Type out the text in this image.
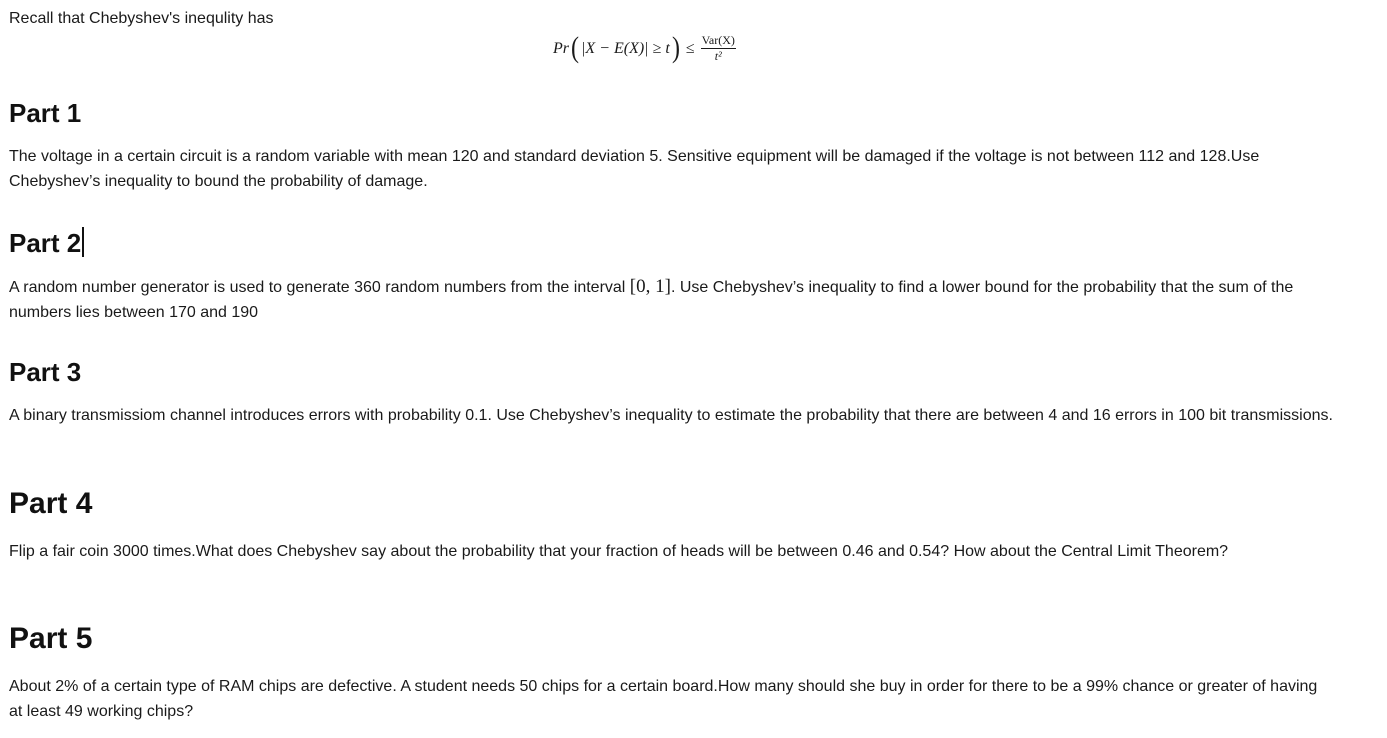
Recall that Chebyshev's inequlity has
Pr ( |X − E(X)| ≥ t ) ≤ $\frac{\text{Var(X)}}{\text{t²}}$
Part 1

The voltage in a certain circuit is a random variable with mean 120 and standard deviation 5. Sensitive equipment will be damaged if the voltage is not between 112 and 128.Use Chebyshev’s inequality to bound the probability of damage.

Part 2

A random number generator is used to generate 360 random numbers from the interval [0, 1]. Use Chebyshev’s inequality to find a lower bound for the probability that the sum of the numbers lies between 170 and 190

Part 3

A binary transmissiom channel introduces errors with probability 0.1. Use Chebyshev’s inequality to estimate the probability that there are between 4 and 16 errors in 100 bit transmissions.

Part 4

Flip a fair coin 3000 times.What does Chebyshev say about the probability that your fraction of heads will be between 0.46 and 0.54? How about the Central Limit Theorem?

Part 5

About 2% of a certain type of RAM chips are defective. A student needs 50 chips for a certain board.How many should she buy in order for there to be a 99% chance or greater of having at least 49 working chips?
